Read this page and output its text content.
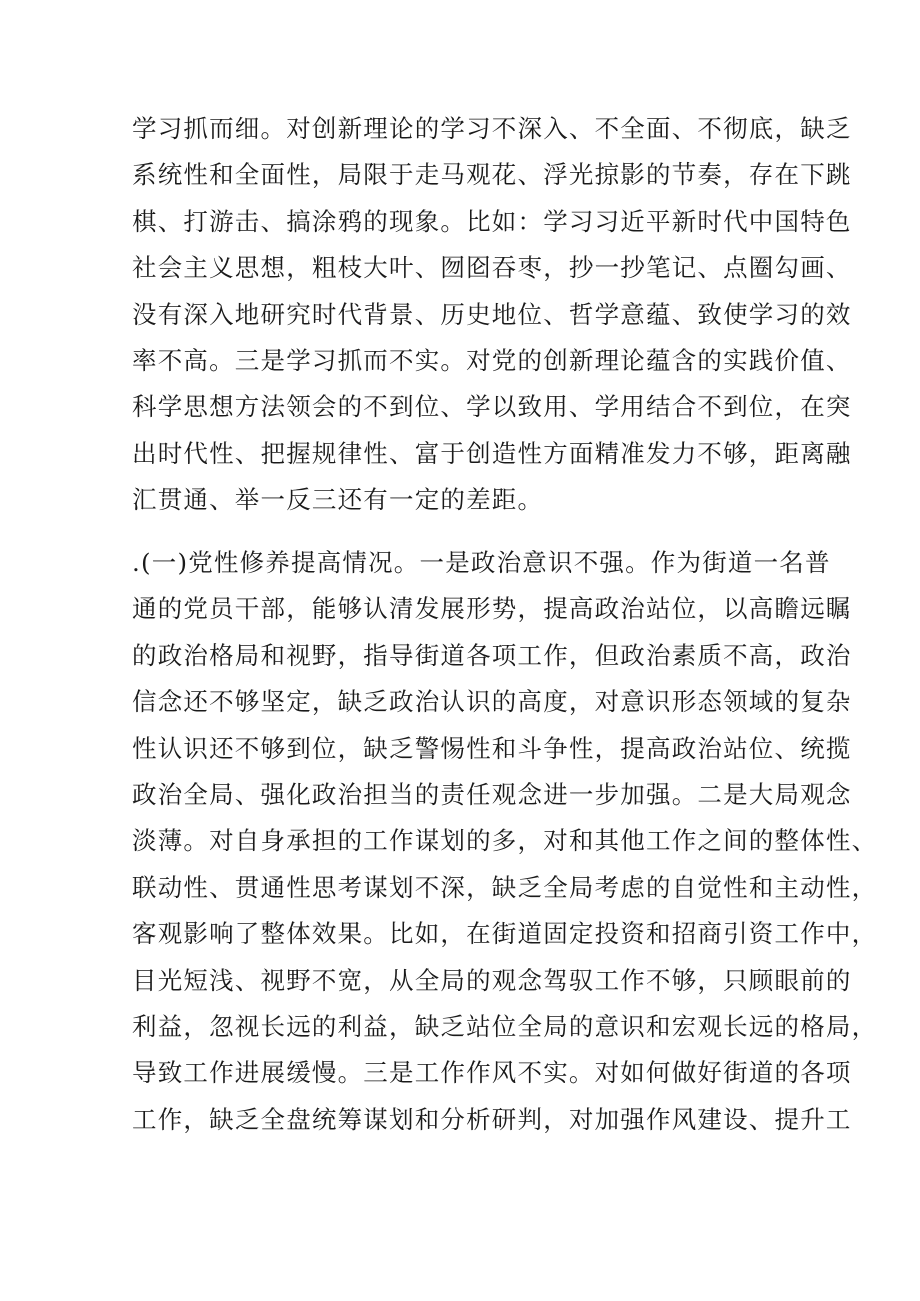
学习抓而细。对创新理论的学习不深入、不全面、不彻底，缺乏
系统性和全面性，局限于走马观花、浮光掠影的节奏，存在下跳
棋、打游击、搞涂鸦的现象。比如：学习习近平新时代中国特色
社会主义思想，粗枝大叶、囫囵吞枣，抄一抄笔记、点圈勾画、
没有深入地研究时代背景、历史地位、哲学意蕴、致使学习的效
率不高。三是学习抓而不实。对党的创新理论蕴含的实践价值、
科学思想方法领会的不到位、学以致用、学用结合不到位，在突
出时代性、把握规律性、富于创造性方面精准发力不够，距离融
汇贯通、举一反三还有一定的差距。
.(一)党性修养提高情况。一是政治意识不强。作为街道一名普
通的党员干部，能够认清发展形势，提高政治站位，以高瞻远瞩
的政治格局和视野，指导街道各项工作，但政治素质不高，政治
信念还不够坚定，缺乏政治认识的高度，对意识形态领域的复杂
性认识还不够到位，缺乏警惕性和斗争性，提高政治站位、统揽
政治全局、强化政治担当的责任观念进一步加强。二是大局观念
淡薄。对自身承担的工作谋划的多，对和其他工作之间的整体性、
联动性、贯通性思考谋划不深，缺乏全局考虑的自觉性和主动性，
客观影响了整体效果。比如，在街道固定投资和招商引资工作中，
目光短浅、视野不宽，从全局的观念驾驭工作不够，只顾眼前的
利益，忽视长远的利益，缺乏站位全局的意识和宏观长远的格局，
导致工作进展缓慢。三是工作作风不实。对如何做好街道的各项
工作，缺乏全盘统筹谋划和分析研判，对加强作风建设、提升工
